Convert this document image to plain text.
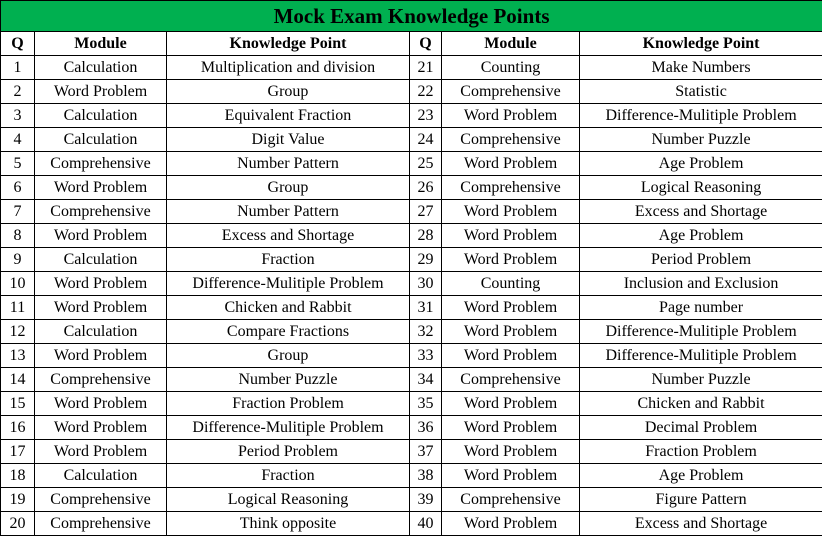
Mock Exam Knowledge Points					
Q	Module	Knowledge Point	Q	Module	Knowledge Point
1	Calculation	Multiplication and division	21	Counting	Make Numbers
2	Word Problem	Group	22	Comprehensive	Statistic
3	Calculation	Equivalent Fraction	23	Word Problem	Difference-Mulitiple Problem
4	Calculation	Digit Value	24	Comprehensive	Number Puzzle
5	Comprehensive	Number Pattern	25	Word Problem	Age Problem
6	Word Problem	Group	26	Comprehensive	Logical Reasoning
7	Comprehensive	Number Pattern	27	Word Problem	Excess and Shortage
8	Word Problem	Excess and Shortage	28	Word Problem	Age Problem
9	Calculation	Fraction	29	Word Problem	Period Problem
10	Word Problem	Difference-Mulitiple Problem	30	Counting	Inclusion and Exclusion
11	Word Problem	Chicken and Rabbit	31	Word Problem	Page number
12	Calculation	Compare Fractions	32	Word Problem	Difference-Mulitiple Problem
13	Word Problem	Group	33	Word Problem	Difference-Mulitiple Problem
14	Comprehensive	Number Puzzle	34	Comprehensive	Number Puzzle
15	Word Problem	Fraction Problem	35	Word Problem	Chicken and Rabbit
16	Word Problem	Difference-Mulitiple Problem	36	Word Problem	Decimal Problem
17	Word Problem	Period Problem	37	Word Problem	Fraction Problem
18	Calculation	Fraction	38	Word Problem	Age Problem
19	Comprehensive	Logical Reasoning	39	Comprehensive	Figure Pattern
20	Comprehensive	Think opposite	40	Word Problem	Excess and Shortage
